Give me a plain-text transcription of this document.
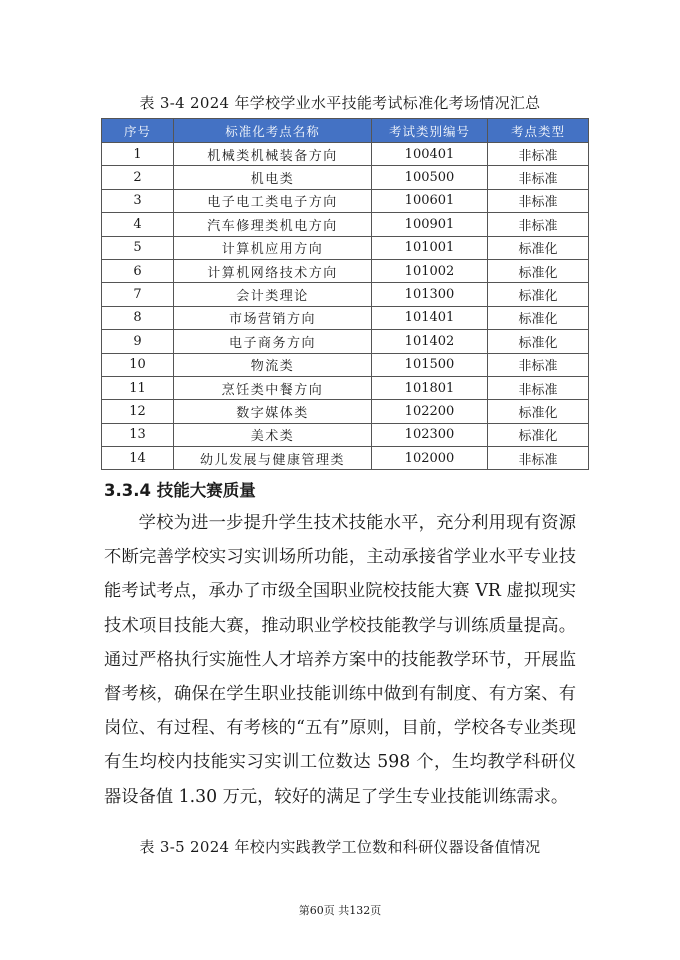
表 3-4 2024 年学校学业水平技能考试标准化考场情况汇总
序号	标准化考点名称	考试类别编号	考点类型
1	机械类机械装备方向	100401	非标准
2	机电类	100500	非标准
3	电子电工类电子方向	100601	非标准
4	汽车修理类机电方向	100901	非标准
5	计算机应用方向	101001	标准化
6	计算机网络技术方向	101002	标准化
7	会计类理论	101300	标准化
8	市场营销方向	101401	标准化
9	电子商务方向	101402	标准化
10	物流类	101500	非标准
11	烹饪类中餐方向	101801	非标准
12	数字媒体类	102200	标准化
13	美术类	102300	标准化
14	幼儿发展与健康管理类	102000	非标准
3.3.4 技能大赛质量

学校为进一步提升学生技术技能水平，充分利用现有资源不断完善学校实习实训场所功能，主动承接省学业水平专业技能考试考点，承办了市级全国职业院校技能大赛 VR 虚拟现实技术项目技能大赛，推动职业学校技能教学与训练质量提高。通过严格执行实施性人才培养方案中的技能教学环节，开展监督考核，确保在学生职业技能训练中做到有制度、有方案、有岗位、有过程、有考核的“五有”原则，目前，学校各专业类现有生均校内技能实习实训工位数达 598 个，生均教学科研仪器设备值 1.30 万元，较好的满足了学生专业技能训练需求。

表 3-5 2024 年校内实践教学工位数和科研仪器设备值情况
第60页 共132页
